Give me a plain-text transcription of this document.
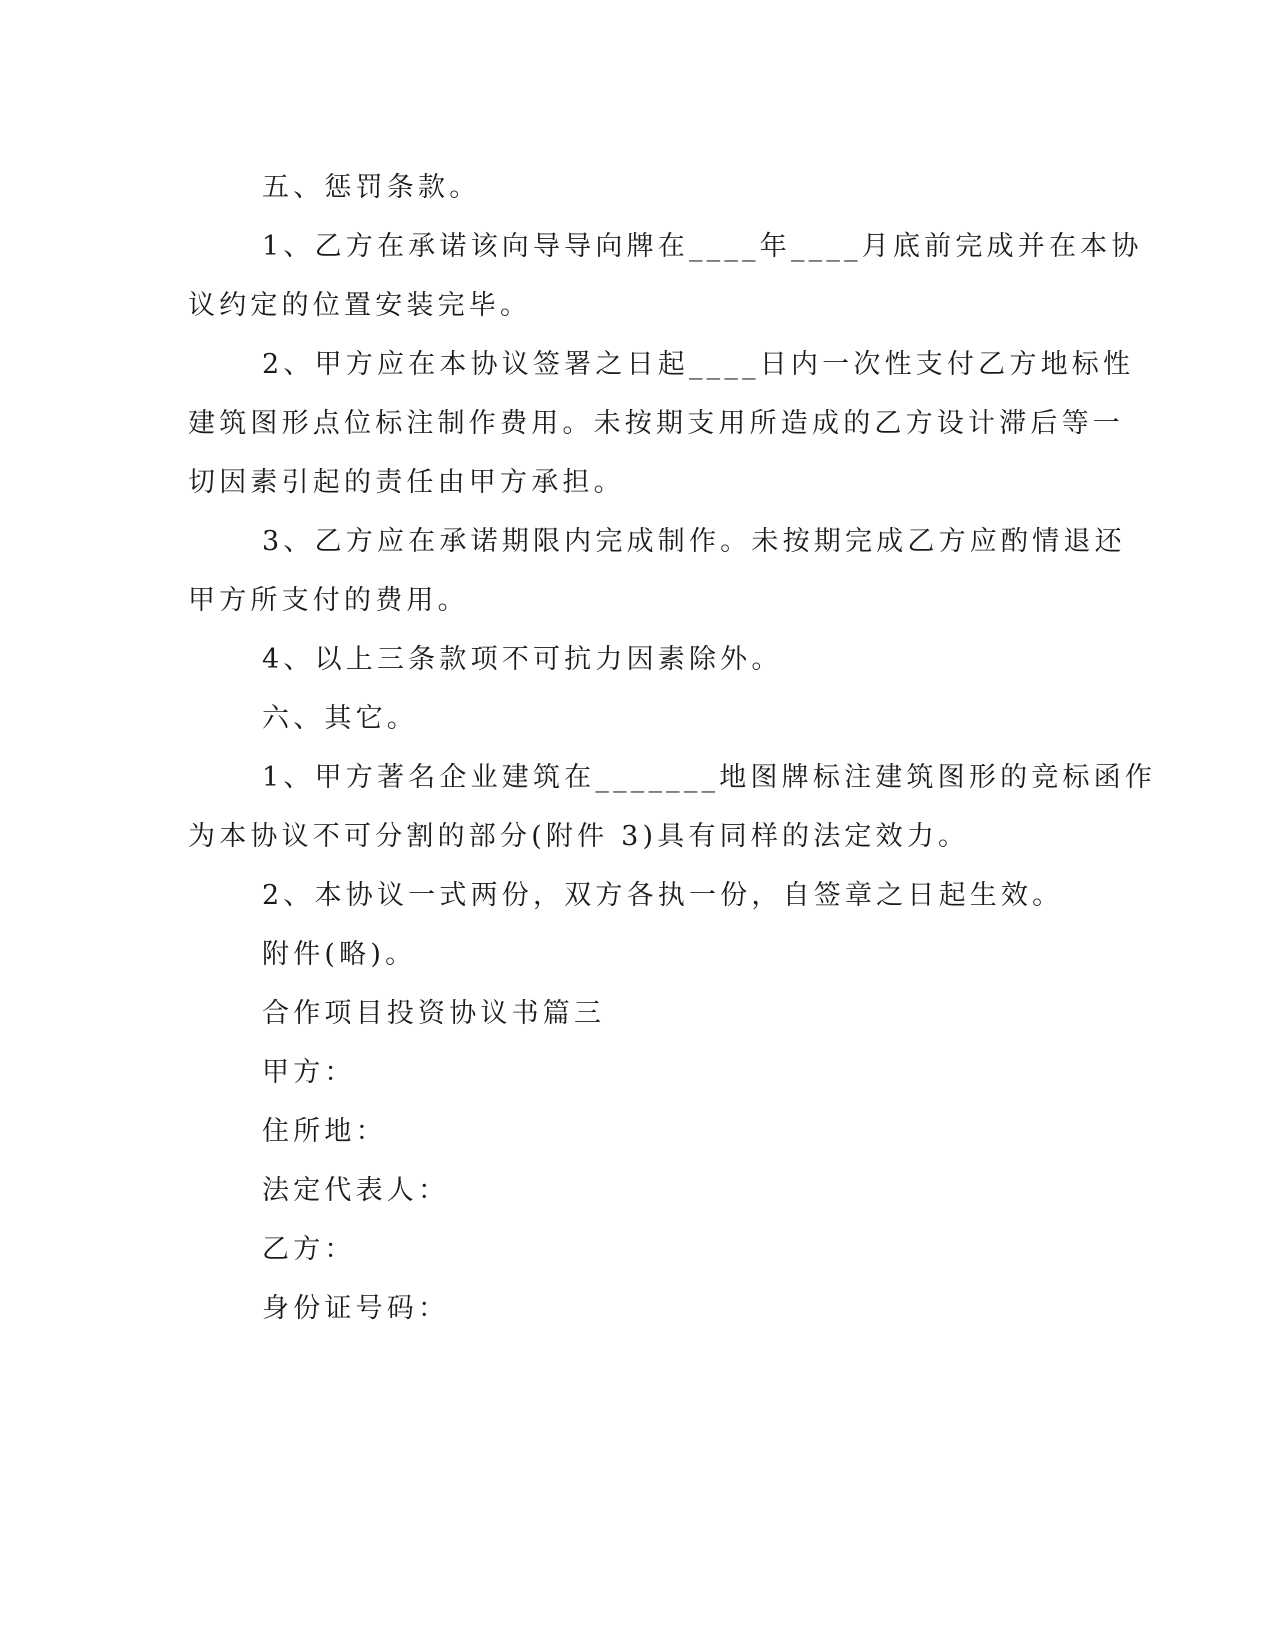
五、惩罚条款。
1、乙方在承诺该向导导向牌在____年____月底前完成并在本协
议约定的位置安装完毕。
2、甲方应在本协议签署之日起____日内一次性支付乙方地标性
建筑图形点位标注制作费用。未按期支用所造成的乙方设计滞后等一
切因素引起的责任由甲方承担。
3、乙方应在承诺期限内完成制作。未按期完成乙方应酌情退还
甲方所支付的费用。
4、以上三条款项不可抗力因素除外。
六、其它。
1、甲方著名企业建筑在_______地图牌标注建筑图形的竞标函作
为本协议不可分割的部分(附件 3)具有同样的法定效力。
2、本协议一式两份，双方各执一份，自签章之日起生效。
附件(略)。
合作项目投资协议书篇三
甲方：
住所地：
法定代表人：
乙方：
身份证号码：
